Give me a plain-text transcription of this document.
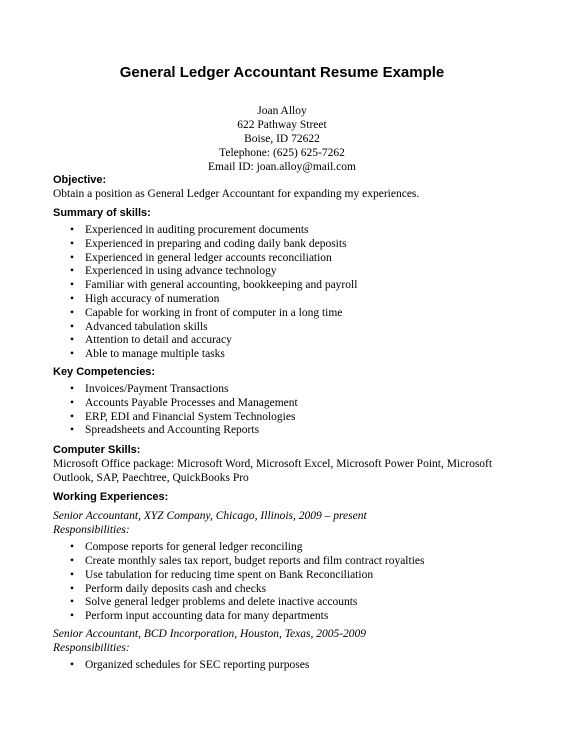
General Ledger Accountant Resume Example
Joan Alloy
622 Pathway Street
Boise, ID 72622
Telephone: (625) 625-7262
Email ID: joan.alloy@mail.com
Objective:
Obtain a position as General Ledger Accountant for expanding my experiences.
Summary of skills:
• Experienced in auditing procurement documents
• Experienced in preparing and coding daily bank deposits
• Experienced in general ledger accounts reconciliation
• Experienced in using advance technology
• Familiar with general accounting, bookkeeping and payroll
• High accuracy of numeration
• Capable for working in front of computer in a long time
• Advanced tabulation skills
• Attention to detail and accuracy
• Able to manage multiple tasks
Key Competencies:
• Invoices/Payment Transactions
• Accounts Payable Processes and Management
• ERP, EDI and Financial System Technologies
• Spreadsheets and Accounting Reports
Computer Skills:
Microsoft Office package: Microsoft Word, Microsoft Excel, Microsoft Power Point, Microsoft
Outlook, SAP, Paechtree, QuickBooks Pro
Working Experiences:
Senior Accountant, XYZ Company, Chicago, Illinois, 2009 – present
Responsibilities:
• Compose reports for general ledger reconciling
• Create monthly sales tax report, budget reports and film contract royalties
• Use tabulation for reducing time spent on Bank Reconciliation
• Perform daily deposits cash and checks
• Solve general ledger problems and delete inactive accounts
• Perform input accounting data for many departments
Senior Accountant, BCD Incorporation, Houston, Texas, 2005-2009
Responsibilities:
• Organized schedules for SEC reporting purposes
